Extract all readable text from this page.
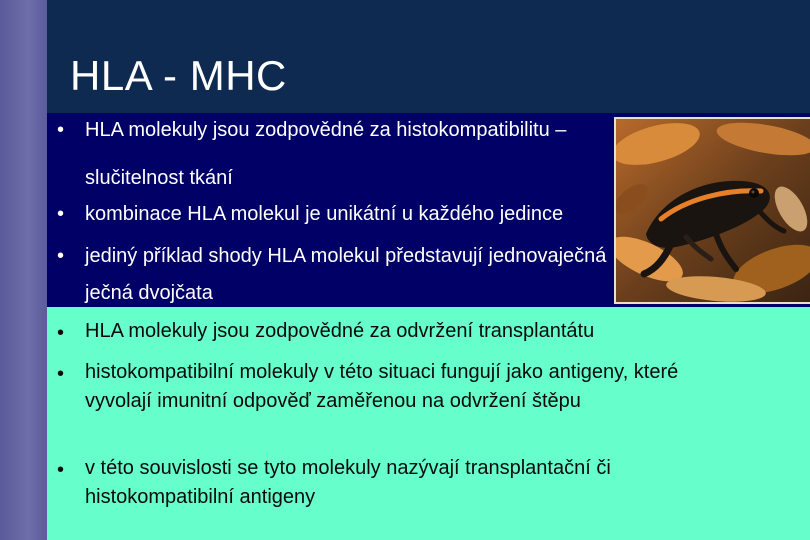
HLA - MHC
• HLA molekuly jsou zodpovědné za histokompatibilitu –
slučitelnost tkání
• kombinace HLA molekul je unikátní u každého jedince
• jediný příklad shody HLA molekul představují jednovaječná
ječná dvojčata
• HLA molekuly jsou zodpovědné za odvržení transplantátu
• histokompatibilní molekuly v této situaci fungují jako antigeny, které vyvolají imunitní odpověď zaměřenou na odvržení štěpu
• v této souvislosti se tyto molekuly nazývají transplantační či histokompatibilní antigeny
